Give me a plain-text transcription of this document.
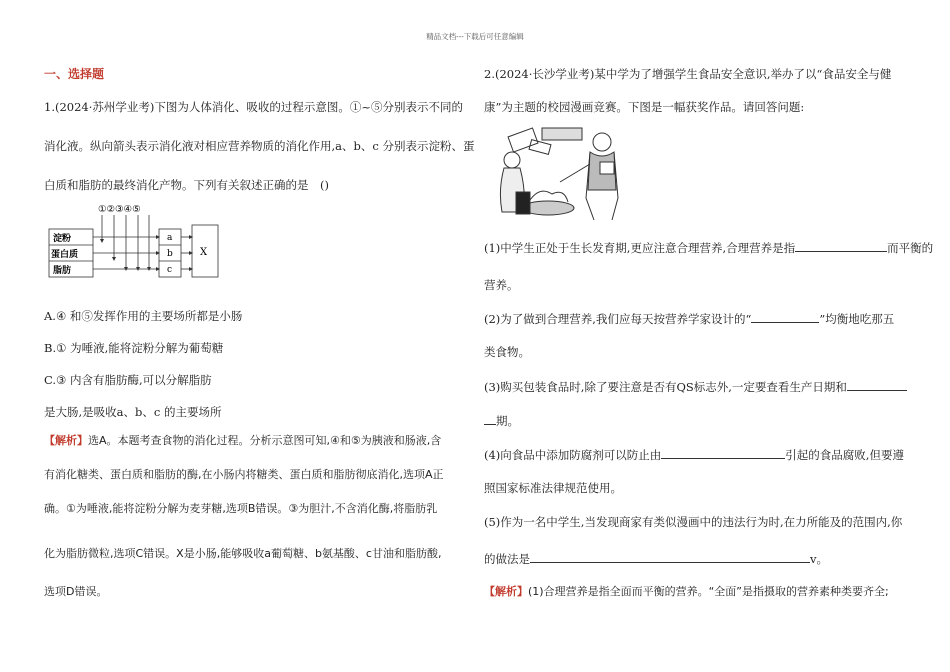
精品文档---下载后可任意编辑
一、选择题
1.(2024·苏州学业考)下图为人体消化、吸收的过程示意图。①~⑤分别表示不同的
消化液。纵向箭头表示消化液对相应营养物质的消化作用,a、b、c 分别表示淀粉、蛋
白质和脂肪的最终消化产物。下列有关叙述正确的是　()
①②③④⑤
淀粉
蛋白质
脂肪
a
b
c
X
A.④ 和⑤发挥作用的主要场所都是小肠
B.① 为唾液,能将淀粉分解为葡萄糖
C.③ 内含有脂肪酶,可以分解脂肪
是大肠,是吸收a、b、c 的主要场所
【解析】选A。本题考查食物的消化过程。分析示意图可知,④和⑤为胰液和肠液,含
有消化糖类、蛋白质和脂肪的酶,在小肠内将糖类、蛋白质和脂肪彻底消化,选项A正
确。①为唾液,能将淀粉分解为麦芽糖,选项B错误。③为胆汁,不含消化酶,将脂肪乳
化为脂肪微粒,选项C错误。X是小肠,能够吸收a葡萄糖、b氨基酸、c甘油和脂肪酸,
选项D错误。
2.(2024·长沙学业考)某中学为了增强学生食品安全意识,举办了以“食品安全与健
康”为主题的校园漫画竞赛。下图是一幅获奖作品。请回答问题:
(1)中学生正处于生长发育期,更应注意合理营养,合理营养是指	而平衡的
营养。
(2)为了做到合理营养,我们应每天按营养学家设计的“	”均衡地吃那五
类食物。
(3)购买包装食品时,除了要注意是否有QS标志外,一定要查看生产日期和
期。
(4)向食品中添加防腐剂可以防止由	引起的食品腐败,但要遵
照国家标准法律规范使用。
(5)作为一名中学生,当发现商家有类似漫画中的违法行为时,在力所能及的范围内,你
的做法是	v。
【解析】(1)合理营养是指全面而平衡的营养。“全面”是指摄取的营养素种类要齐全;
